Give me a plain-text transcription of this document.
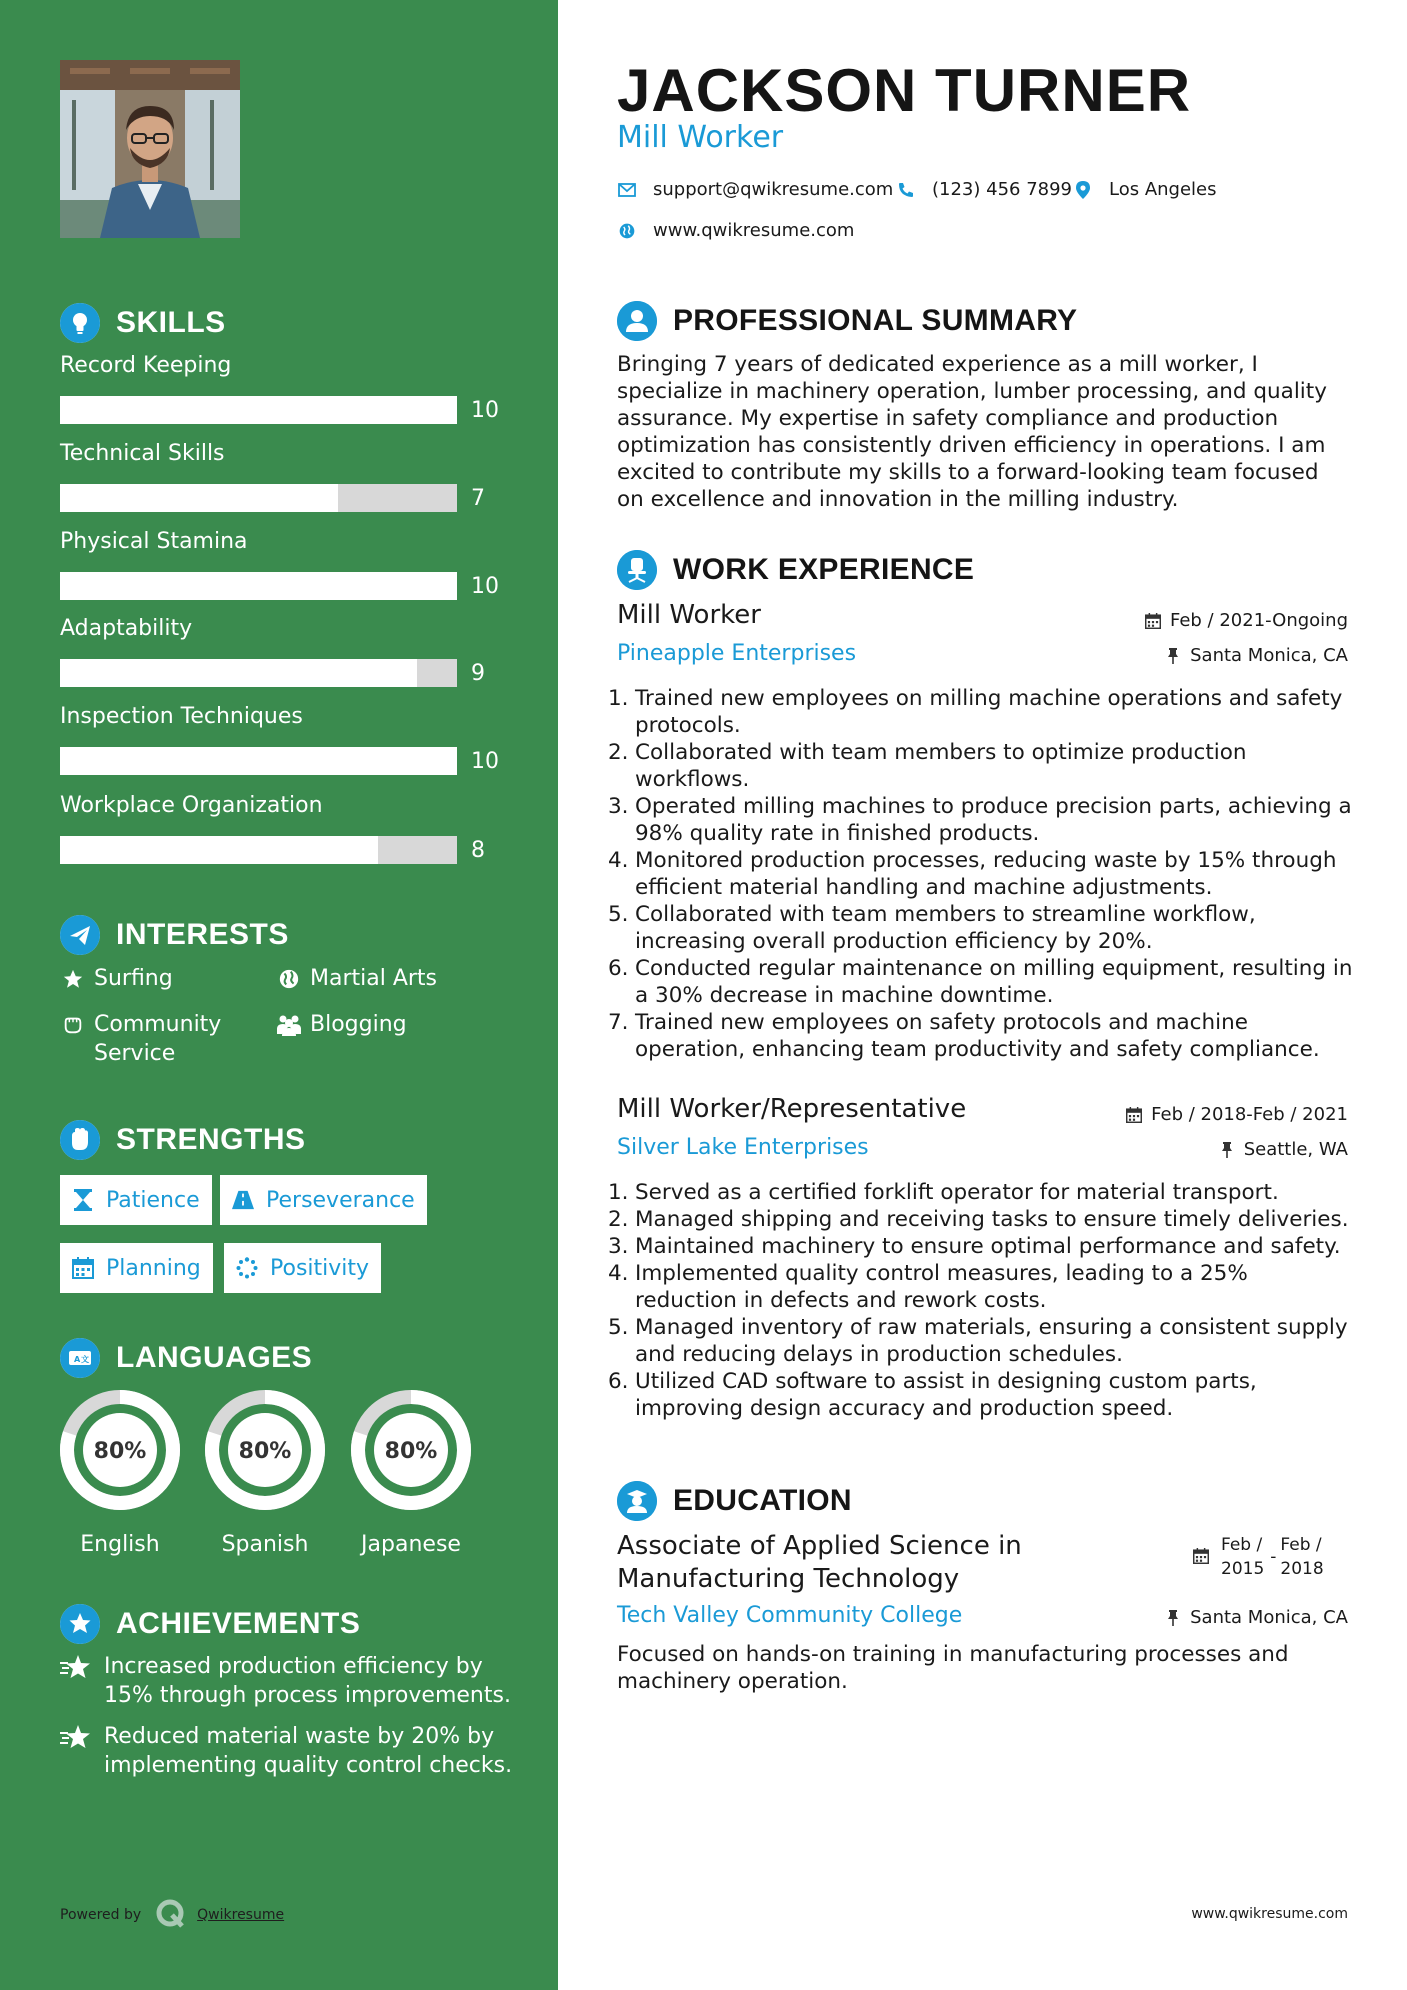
SKILLS
Record Keeping
10
Technical Skills
7
Physical Stamina
10
Adaptability
9
Inspection Techniques
10
Workplace Organization
8
INTERESTS
Surfing	Martial Arts
Community Service
Blogging
STRENGTHS
Patience	Perseverance
Planning	Positivity
A 文 LANGUAGES
80%
English
80%
Spanish
80%
Japanese
ACHIEVEMENTS
Increased production efficiency by 15% through process improvements.
Reduced material waste by 20% by implementing quality control checks.
Powered by	Qwikresume
JACKSON TURNER
Mill Worker
support@qwikresume.com (123) 456 7899 Los Angeles
www.qwikresume.com
PROFESSIONAL SUMMARY
Bringing 7 years of dedicated experience as a mill worker, I specialize in machinery operation, lumber processing, and quality assurance. My expertise in safety compliance and production optimization has consistently driven efficiency in operations. I am excited to contribute my skills to a forward-looking team focused on excellence and innovation in the milling industry.
WORK EXPERIENCE
Mill Worker	Feb / 2021-Ongoing
Pineapple Enterprises	Santa Monica, CA
1. Trained new employees on milling machine operations and safety protocols.
2. Collaborated with team members to optimize production workflows.
3. Operated milling machines to produce precision parts, achieving a 98% quality rate in finished products.
4. Monitored production processes, reducing waste by 15% through efficient material handling and machine adjustments.
5. Collaborated with team members to streamline workflow, increasing overall production efficiency by 20%.
6. Conducted regular maintenance on milling equipment, resulting in a 30% decrease in machine downtime.
7. Trained new employees on safety protocols and machine operation, enhancing team productivity and safety compliance.
Mill Worker/Representative	Feb / 2018-Feb / 2021
Silver Lake Enterprises	Seattle, WA
1. Served as a certified forklift operator for material transport.
2. Managed shipping and receiving tasks to ensure timely deliveries.
3. Maintained machinery to ensure optimal performance and safety.
4. Implemented quality control measures, leading to a 25% reduction in defects and rework costs.
5. Managed inventory of raw materials, ensuring a consistent supply and reducing delays in production schedules.
6. Utilized CAD software to assist in designing custom parts, improving design accuracy and production speed.
EDUCATION
Associate of Applied Science in Manufacturing Technology
Feb /
2015
-
Feb /
2018
Tech Valley Community College	Santa Monica, CA
Focused on hands-on training in manufacturing processes and machinery operation.
www.qwikresume.com
